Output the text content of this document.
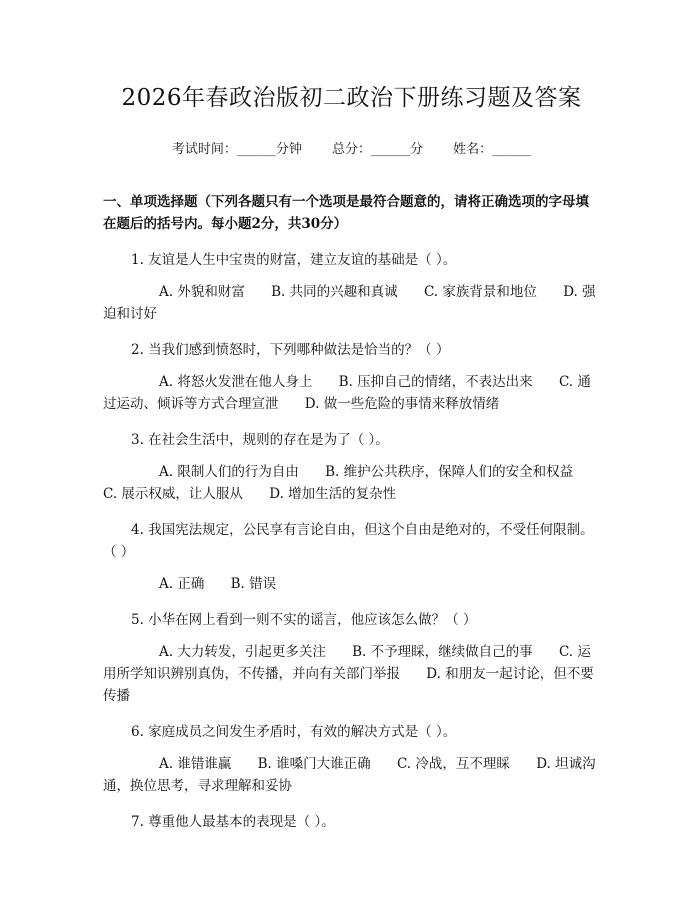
2026年春政治版初二政治下册练习题及答案
考试时间：______分钟 总分：______分 姓名：______
一、单项选择题（下列各题只有一个选项是最符合题意的，请将正确选项的字母填在题后的括号内。每小题2分，共30分）
1. 友谊是人生中宝贵的财富，建立友谊的基础是（ ）。
A. 外貌和财富 B. 共同的兴趣和真诚 C. 家族背景和地位 D. 强迫和讨好
2. 当我们感到愤怒时，下列哪种做法是恰当的？（ ）
A. 将怒火发泄在他人身上 B. 压抑自己的情绪，不表达出来 C. 通过运动、倾诉等方式合理宣泄 D. 做一些危险的事情来释放情绪
3. 在社会生活中，规则的存在是为了（ ）。
A. 限制人们的行为自由 B. 维护公共秩序，保障人们的安全和权益 C. 展示权威，让人服从 D. 增加生活的复杂性
4. 我国宪法规定，公民享有言论自由，但这个自由是绝对的，不受任何限制。（ ）
A. 正确 B. 错误
5. 小华在网上看到一则不实的谣言，他应该怎么做？（ ）
A. 大力转发，引起更多关注 B. 不予理睬，继续做自己的事 C. 运用所学知识辨别真伪，不传播，并向有关部门举报 D. 和朋友一起讨论，但不要传播
6. 家庭成员之间发生矛盾时，有效的解决方式是（ ）。
A. 谁错谁赢 B. 谁嗓门大谁正确 C. 冷战，互不理睬 D. 坦诚沟通，换位思考，寻求理解和妥协
7. 尊重他人最基本的表现是（ ）。
